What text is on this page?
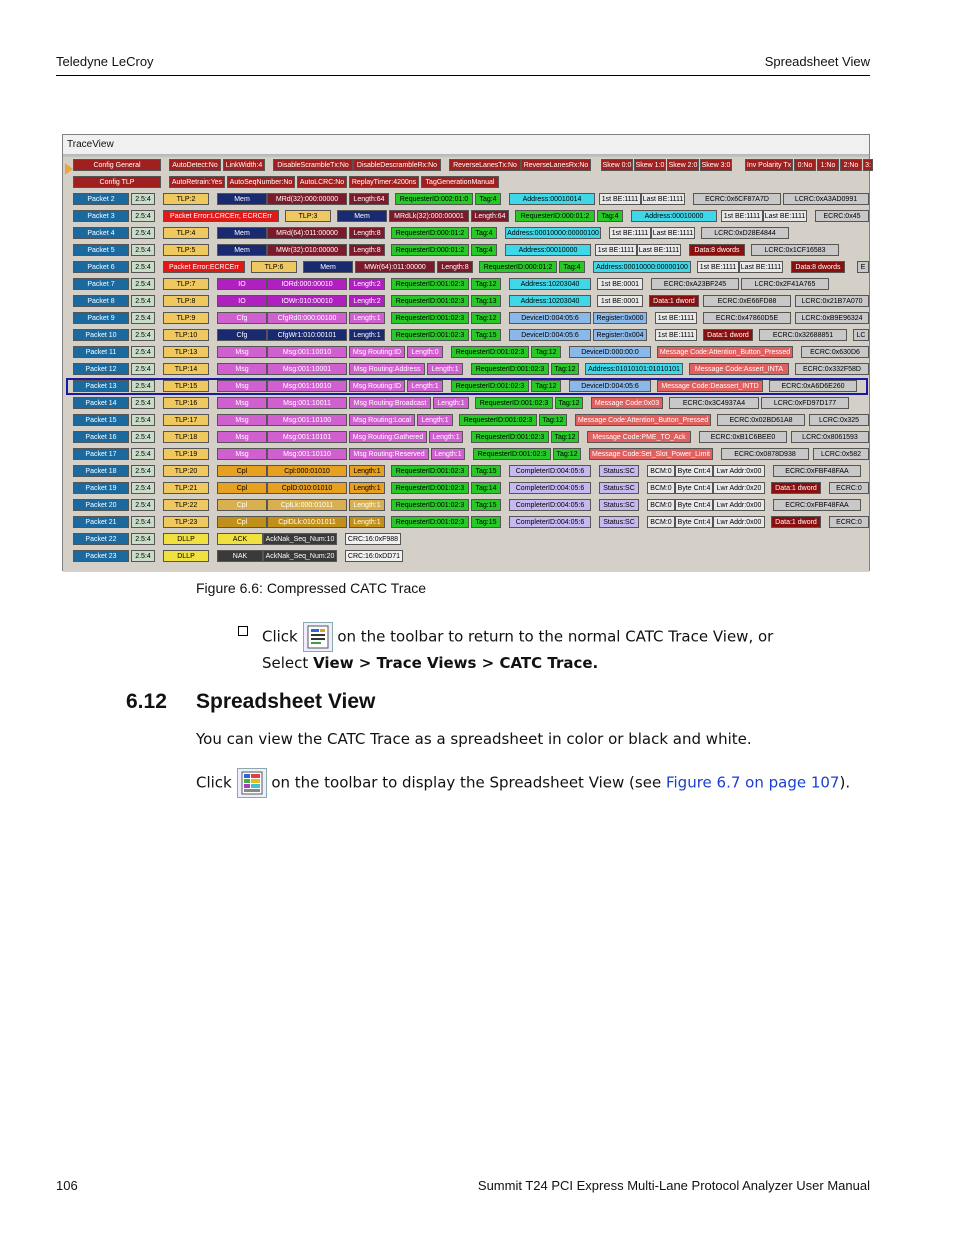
Teledyne LeCroy	Spreadsheet View
TraceView
Config General	AutoDetect:No	LinkWidth:4	DisableScrambleTx:No	DisableDescrambleRx:No	ReverseLanesTx:No ReverseLanesRx:No	Skew 0:0 Skew 1:0 Skew 2:0 Skew 3:0 Inv Polarity Tx 0:No	1:No	2:No 3:
Config TLP	AutoRetrain:Yes	AutoSeqNumber:No	AutoLCRC:No	ReplayTimer:4200ns	TagGenerationManual
Packet 2	2.5:4	TLP:2	Mem	MRd(32):000:00000	Length:64	RequesterID:002:01:0	Tag:4	Address:00010014	1st BE:1111 Last BE:1111	ECRC:0x6CF87A7D	LCRC:0xA3AD0991
Packet 3	2.5:4	Packet Error:LCRCErr, ECRCErr	TLP:3	Mem	MRdLk(32):000:00001	Length:64	RequesterID:000:01:2	Tag:4	Address:00010000	1st BE:1111 Last BE:1111	ECRC:0x45
Packet 4	2.5:4	TLP:4	Mem	MRd(64):011:00000	Length:8	RequesterID:000:01:2	Tag:4	Address:00010000:00000100	1st BE:1111 Last BE:1111	LCRC:0xD28E4844
Packet 5	2.5:4	TLP:5	Mem	MWr(32):010:00000	Length:8	RequesterID:000:01:2	Tag:4	Address:00010000	1st BE:1111 Last BE:1111	Data:8 dwords	LCRC:0x1CF16583
Packet 6	2.5:4	Packet Error:ECRCErr	TLP:6	Mem	MWr(64):011:00000	Length:8	RequesterID:000:01:2	Tag:4	Address:00010000:00000100	1st BE:1111 Last BE:1111	Data:8 dwords	E
Packet 7	2.5:4	TLP:7	IO	IORd:000:00010	Length:2	RequesterID:001:02:3	Tag:12	Address:10203040	1st BE:0001	ECRC:0xA23BF245	LCRC:0x2F41A765
Packet 8	2.5:4	TLP:8	IO	IOWr:010:00010	Length:2	RequesterID:001:02:3	Tag:13	Address:10203040	1st BE:0001	Data:1 dword	ECRC:0xE66FD88	LCRC:0x21B7A070
Packet 9	2.5:4	TLP:9	Cfg	CfgRd0:000:00100	Length:1	RequesterID:001:02:3	Tag:12	DeviceID:004:05:6	Register:0x000	1st BE:1111	ECRC:0x47860D5E	LCRC:0xB9E96324
Packet 10	2.5:4	TLP:10	Cfg	CfgWr1:010:00101	Length:1	RequesterID:001:02:3	Tag:15	DeviceID:004:05:6	Register:0x004	1st BE:1111	Data:1 dword	ECRC:0x32688851	LC
Packet 11	2.5:4	TLP:13	Msg	Msg:001:10010	Msg Routing:ID	Length:0	RequesterID:001:02:3	Tag:12	DeviceID:000:00:0	Message Code:Attention_Button_Pressed	ECRC:0x630D6
Packet 12	2.5:4	TLP:14	Msg	Msg:001:10001	Msg Routing:Address	Length:1	RequesterID:001:02:3	Tag:12	Address:01010101:01010101	Message Code:Assert_INTA	ECRC:0x332F58D
Packet 13	2.5:4	TLP:15	Msg	Msg:001:10010	Msg Routing:ID	Length:1	RequesterID:001:02:3	Tag:12	DeviceID:004:05:6	Message Code:Deassert_INTD	ECRC:0xA6D6E260
Packet 14	2.5:4	TLP:16	Msg	Msg:001:10011	Msg Routing:Broadcast	Length:1	RequesterID:001:02:3	Tag:12	Message Code:0x03	ECRC:0x3C4937A4	LCRC:0xFD97D177
Packet 15	2.5:4	TLP:17	Msg	Msg:001:10100	Msg Routing:Local	Length:1	RequesterID:001:02:3	Tag:12	Message Code:Attention_Button_Pressed	ECRC:0x02BD61A8	LCRC:0x325
Packet 16	2.5:4	TLP:18	Msg	Msg:001:10101	Msg Routing:Gathered	Length:1	RequesterID:001:02:3	Tag:12	Message Code:PME_TO_Ack	ECRC:0xB1C6BEE0	LCRC:0x8061593
Packet 17	2.5:4	TLP:19	Msg	Msg:001:10110	Msg Routing:Reserved	Length:1	RequesterID:001:02:3	Tag:12	Message Code:Set_Slot_Power_Limit	ECRC:0x0878D938	LCRC:0x582
Packet 18	2.5:4	TLP:20	Cpl	Cpl:000:01010	Length:1	RequesterID:001:02:3	Tag:15	CompleterID:004:05:6	Status:SC	BCM:0 Byte Cnt:4 Lwr Addr:0x00	ECRC:0xFBF48FAA
Packet 19	2.5:4	TLP:21	Cpl	CplD:010:01010	Length:1	RequesterID:001:02:3	Tag:14	CompleterID:004:05:6	Status:SC	BCM:0 Byte Cnt:4 Lwr Addr:0x20	Data:1 dword	ECRC:0
Packet 20	2.5:4	TLP:22	Cpl	CplLk:000:01011	Length:1	RequesterID:001:02:3	Tag:15	CompleterID:004:05:6	Status:SC	BCM:0 Byte Cnt:4 Lwr Addr:0x00	ECRC:0xFBF48FAA
Packet 21	2.5:4	TLP:23	Cpl	CplDLk:010:01011	Length:1	RequesterID:001:02:3	Tag:15	CompleterID:004:05:6	Status:SC	BCM:0 Byte Cnt:4 Lwr Addr:0x00	Data:1 dword	ECRC:0
Packet 22	2.5:4	DLLP	ACK	AckNak_Seq_Num:10	CRC:16:0xF988
Packet 23	2.5:4	DLLP	NAK	AckNak_Seq_Num:20	CRC:16:0xDD71
Figure 6.6: Compressed CATC Trace
Click	on the toolbar to return to the normal CATC Trace View, or
Select View > Trace Views > CATC Trace.
6.12 Spreadsheet View
You can view the CATC Trace as a spreadsheet in color or black and white.
Click	on the toolbar to display the Spreadsheet View (see Figure 6.7 on page 107).
106	Summit T24 PCI Express Multi-Lane Protocol Analyzer User Manual
